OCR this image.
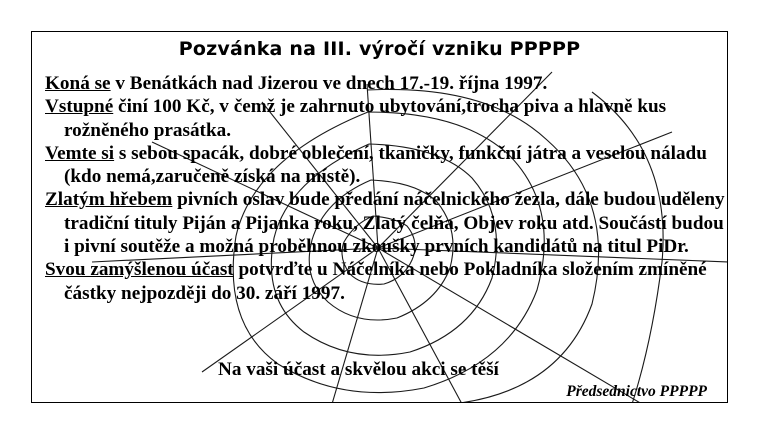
Pozvánka na III. výročí vzniku PPPPP

Koná se v Benátkách nad Jizerou ve dnech 17.-19. října 1997.

Vstupné činí 100 Kč, v čemž je zahrnuto ubytování,trocha piva a hlavně kus rožněného prasátka.

Vemte si s sebou spacák, dobré oblečení, tkaničky, funkční játra a veselou náladu (kdo nemá,zaručeně získá na místě).

Zlatým hřebem pivních oslav bude předání náčelnického žezla, dále budou uděleny tradiční tituly Piján a Pijanka roku, Zlatý čelňa, Objev roku atd. Součástí budou i pivní soutěže a možná proběhnou zkoušky prvních kandidátů na titul PiDr.

Svou zamýšlenou účast potvrďte u Náčelníka nebo Pokladníka složením zmíněné částky nejpozději do 30. září 1997.

Na vaši účast a skvělou akci se těší

Předsednictvo PPPPP
